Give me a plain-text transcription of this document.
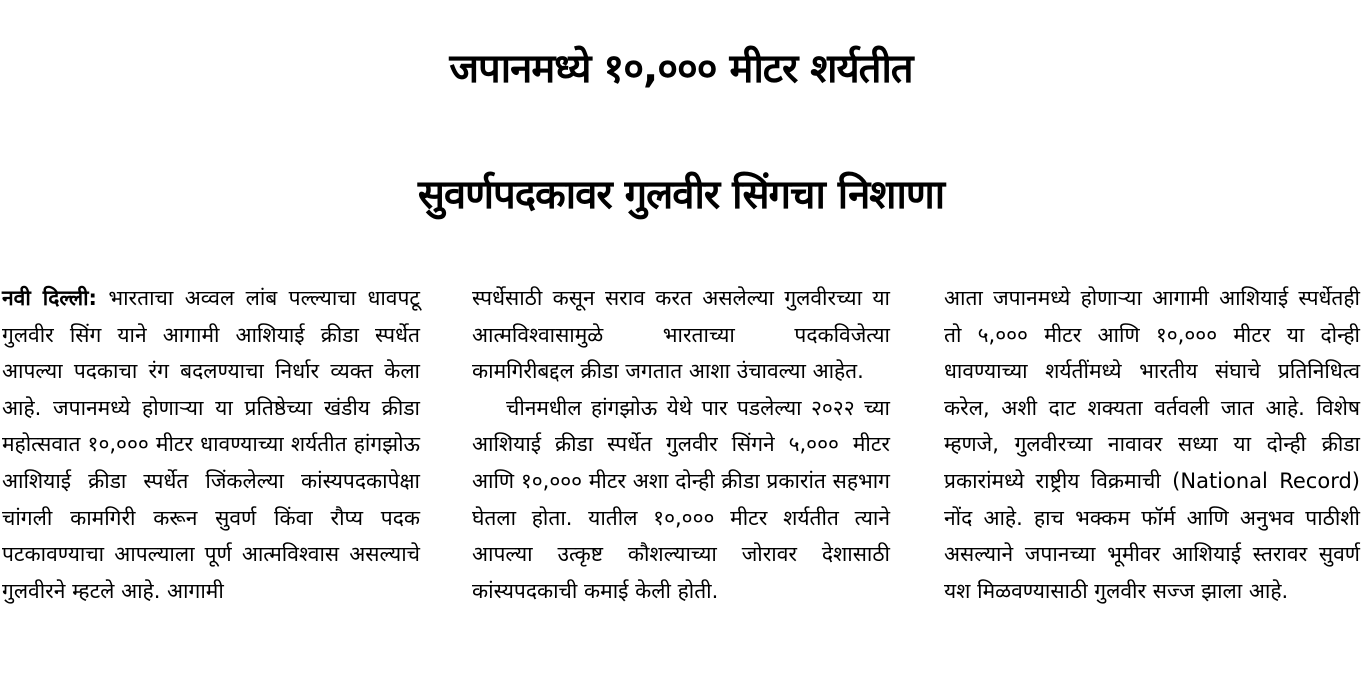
जपानमध्ये १०,००० मीटर शर्यतीत
सुवर्णपदकावर गुलवीर सिंगचा निशाणा

नवी दिल्ली: भारताचा अव्वल लांब पल्ल्याचा धावपटू गुलवीर सिंग याने आगामी आशियाई क्रीडा स्पर्धेत आपल्या पदकाचा रंग बदलण्याचा निर्धार व्यक्त केला आहे. जपानमध्ये होणाऱ्या या प्रतिष्ठेच्या खंडीय क्रीडा महोत्सवात १०,००० मीटर धावण्याच्या शर्यतीत हांगझोऊ आशियाई क्रीडा स्पर्धेत जिंकलेल्या कांस्यपदकापेक्षा चांगली कामगिरी करून सुवर्ण किंवा रौप्य पदक पटकावण्याचा आपल्याला पूर्ण आत्मविश्वास असल्याचे गुलवीरने म्हटले आहे. आगामी

स्पर्धेसाठी कसून सराव करत असलेल्या गुलवीरच्या या आत्मविश्वासामुळे भारताच्या पदकविजेत्या कामगिरीबद्दल क्रीडा जगतात आशा उंचावल्या आहेत.

चीनमधील हांगझोऊ येथे पार पडलेल्या २०२२ च्या आशियाई क्रीडा स्पर्धेत गुलवीर सिंगने ५,००० मीटर आणि १०,००० मीटर अशा दोन्ही क्रीडा प्रकारांत सहभाग घेतला होता. यातील १०,००० मीटर शर्यतीत त्याने आपल्या उत्कृष्ट कौशल्याच्या जोरावर देशासाठी कांस्यपदकाची कमाई केली होती.

आता जपानमध्ये होणाऱ्या आगामी आशियाई स्पर्धेतही तो ५,००० मीटर आणि १०,००० मीटर या दोन्ही धावण्याच्या शर्यतींमध्ये भारतीय संघाचे प्रतिनिधित्व करेल, अशी दाट शक्यता वर्तवली जात आहे. विशेष म्हणजे, गुलवीरच्या नावावर सध्या या दोन्ही क्रीडा प्रकारांमध्ये राष्ट्रीय विक्रमाची (National Record) नोंद आहे. हाच भक्कम फॉर्म आणि अनुभव पाठीशी असल्याने जपानच्या भूमीवर आशियाई स्तरावर सुवर्ण यश मिळवण्यासाठी गुलवीर सज्ज झाला आहे.
